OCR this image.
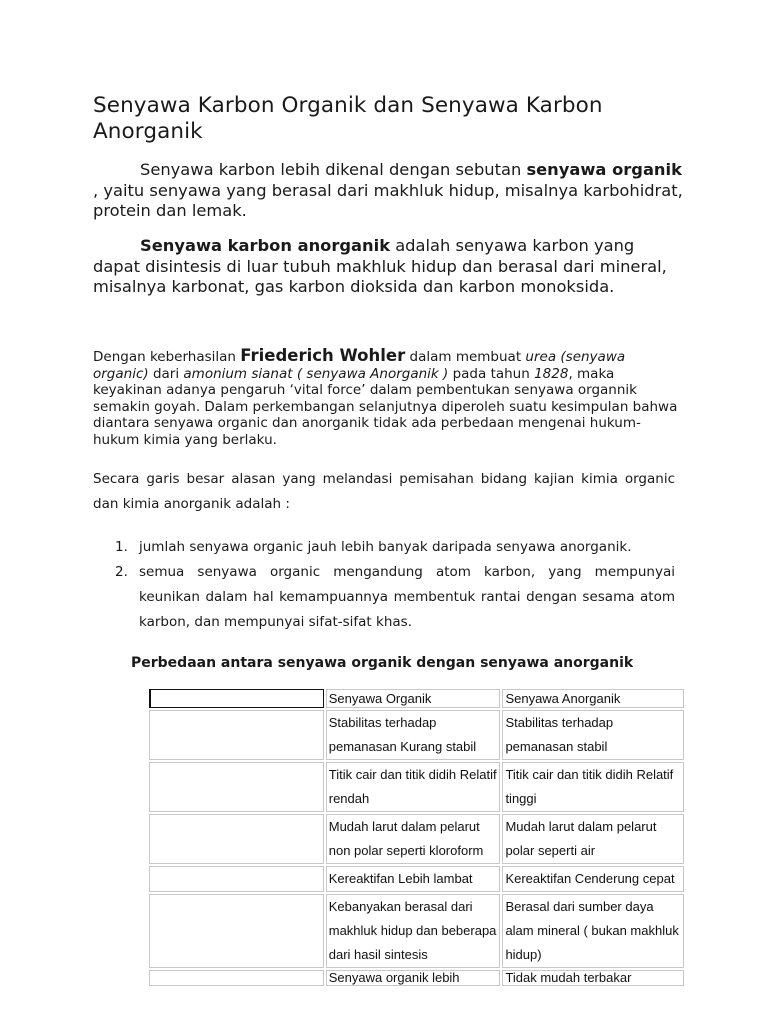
Senyawa Karbon Organik dan Senyawa Karbon Anorganik

Senyawa karbon lebih dikenal dengan sebutan senyawa organik , yaitu senyawa yang berasal dari makhluk hidup, misalnya karbohidrat, protein dan lemak.

Senyawa karbon anorganik adalah senyawa karbon yang dapat disintesis di luar tubuh makhluk hidup dan berasal dari mineral, misalnya karbonat, gas karbon dioksida dan karbon monoksida.

Dengan keberhasilan Friederich Wohler dalam membuat urea (senyawa organic) dari amonium sianat ( senyawa Anorganik ) pada tahun 1828, maka keyakinan adanya pengaruh ‘vital force’ dalam pembentukan senyawa organnik semakin goyah. Dalam perkembangan selanjutnya diperoleh suatu kesimpulan bahwa diantara senyawa organic dan anorganik tidak ada perbedaan mengenai hukum- hukum kimia yang berlaku.

Secara garis besar alasan yang melandasi pemisahan bidang kajian kimia organic dan kimia anorganik adalah :

1. jumlah senyawa organic jauh lebih banyak daripada senyawa anorganik.
2. semua senyawa organic mengandung atom karbon, yang mempunyai keunikan dalam hal kemampuannya membentuk rantai dengan sesama atom karbon, dan mempunyai sifat-sifat khas.

Perbedaan antara senyawa organik dengan senyawa anorganik

	Senyawa Organik	Senyawa Anorganik
	Stabilitas terhadap pemanasan Kurang stabil	Stabilitas terhadap pemanasan stabil
	Titik cair dan titik didih Relatif rendah	Titik cair dan titik didih Relatif tinggi
	Mudah larut dalam pelarut non polar seperti kloroform	Mudah larut dalam pelarut polar seperti air
	Kereaktifan Lebih lambat	Kereaktifan Cenderung cepat
	Kebanyakan berasal dari makhluk hidup dan beberapa dari hasil sintesis	Berasal dari sumber daya alam mineral ( bukan makhluk hidup)
	Senyawa organik lebih	Tidak mudah terbakar
